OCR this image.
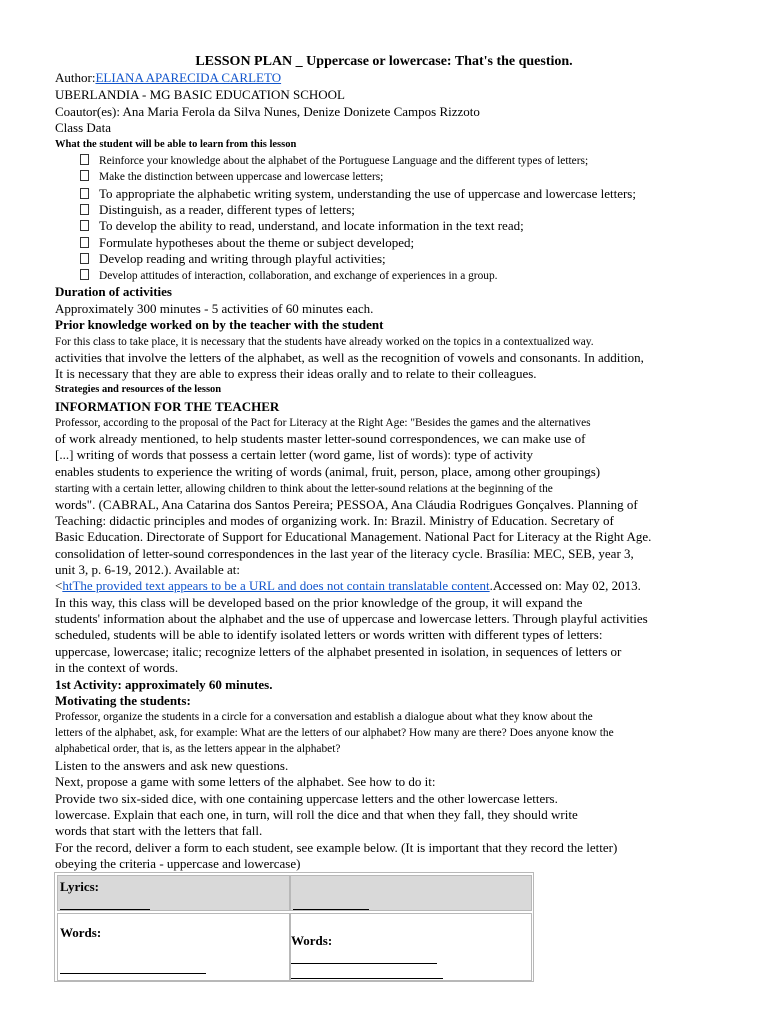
LESSON PLAN _ Uppercase or lowercase: That's the question.
Author:ELIANA APARECIDA CARLETO
UBERLANDIA - MG BASIC EDUCATION SCHOOL
Coautor(es): Ana Maria Ferola da Silva Nunes, Denize Donizete Campos Rizzoto
Class Data
What the student will be able to learn from this lesson
Reinforce your knowledge about the alphabet of the Portuguese Language and the different types of letters;
Make the distinction between uppercase and lowercase letters;
To appropriate the alphabetic writing system, understanding the use of uppercase and lowercase letters;
Distinguish, as a reader, different types of letters;
To develop the ability to read, understand, and locate information in the text read;
Formulate hypotheses about the theme or subject developed;
Develop reading and writing through playful activities;
Develop attitudes of interaction, collaboration, and exchange of experiences in a group.
Duration of activities
Approximately 300 minutes - 5 activities of 60 minutes each.
Prior knowledge worked on by the teacher with the student
For this class to take place, it is necessary that the students have already worked on the topics in a contextualized way.
activities that involve the letters of the alphabet, as well as the recognition of vowels and consonants. In addition,
It is necessary that they are able to express their ideas orally and to relate to their colleagues.
Strategies and resources of the lesson
INFORMATION FOR THE TEACHER
Professor, according to the proposal of the Pact for Literacy at the Right Age: "Besides the games and the alternatives
of work already mentioned, to help students master letter-sound correspondences, we can make use of
[...] writing of words that possess a certain letter (word game, list of words): type of activity
enables students to experience the writing of words (animal, fruit, person, place, among other groupings)
starting with a certain letter, allowing children to think about the letter-sound relations at the beginning of the
words". (CABRAL, Ana Catarina dos Santos Pereira; PESSOA, Ana Cláudia Rodrigues Gonçalves. Planning of
Teaching: didactic principles and modes of organizing work. In: Brazil. Ministry of Education. Secretary of
Basic Education. Directorate of Support for Educational Management. National Pact for Literacy at the Right Age.
consolidation of letter-sound correspondences in the last year of the literacy cycle. Brasília: MEC, SEB, year 3,
unit 3, p. 6-19, 2012.). Available at:
<htThe provided text appears to be a URL and does not contain translatable content.Accessed on: May 02, 2013.
In this way, this class will be developed based on the prior knowledge of the group, it will expand the
students' information about the alphabet and the use of uppercase and lowercase letters. Through playful activities
scheduled, students will be able to identify isolated letters or words written with different types of letters:
uppercase, lowercase; italic; recognize letters of the alphabet presented in isolation, in sequences of letters or
in the context of words.
1st Activity: approximately 60 minutes.
Motivating the students:
Professor, organize the students in a circle for a conversation and establish a dialogue about what they know about the
letters of the alphabet, ask, for example: What are the letters of our alphabet? How many are there? Does anyone know the
alphabetical order, that is, as the letters appear in the alphabet?
Listen to the answers and ask new questions.
Next, propose a game with some letters of the alphabet. See how to do it:
Provide two six-sided dice, with one containing uppercase letters and the other lowercase letters.
lowercase. Explain that each one, in turn, will roll the dice and that when they fall, they should write
words that start with the letters that fall.
For the record, deliver a form to each student, see example below. (It is important that they record the letter)
obeying the criteria - uppercase and lowercase)
Lyrics:
Words:
Words:
